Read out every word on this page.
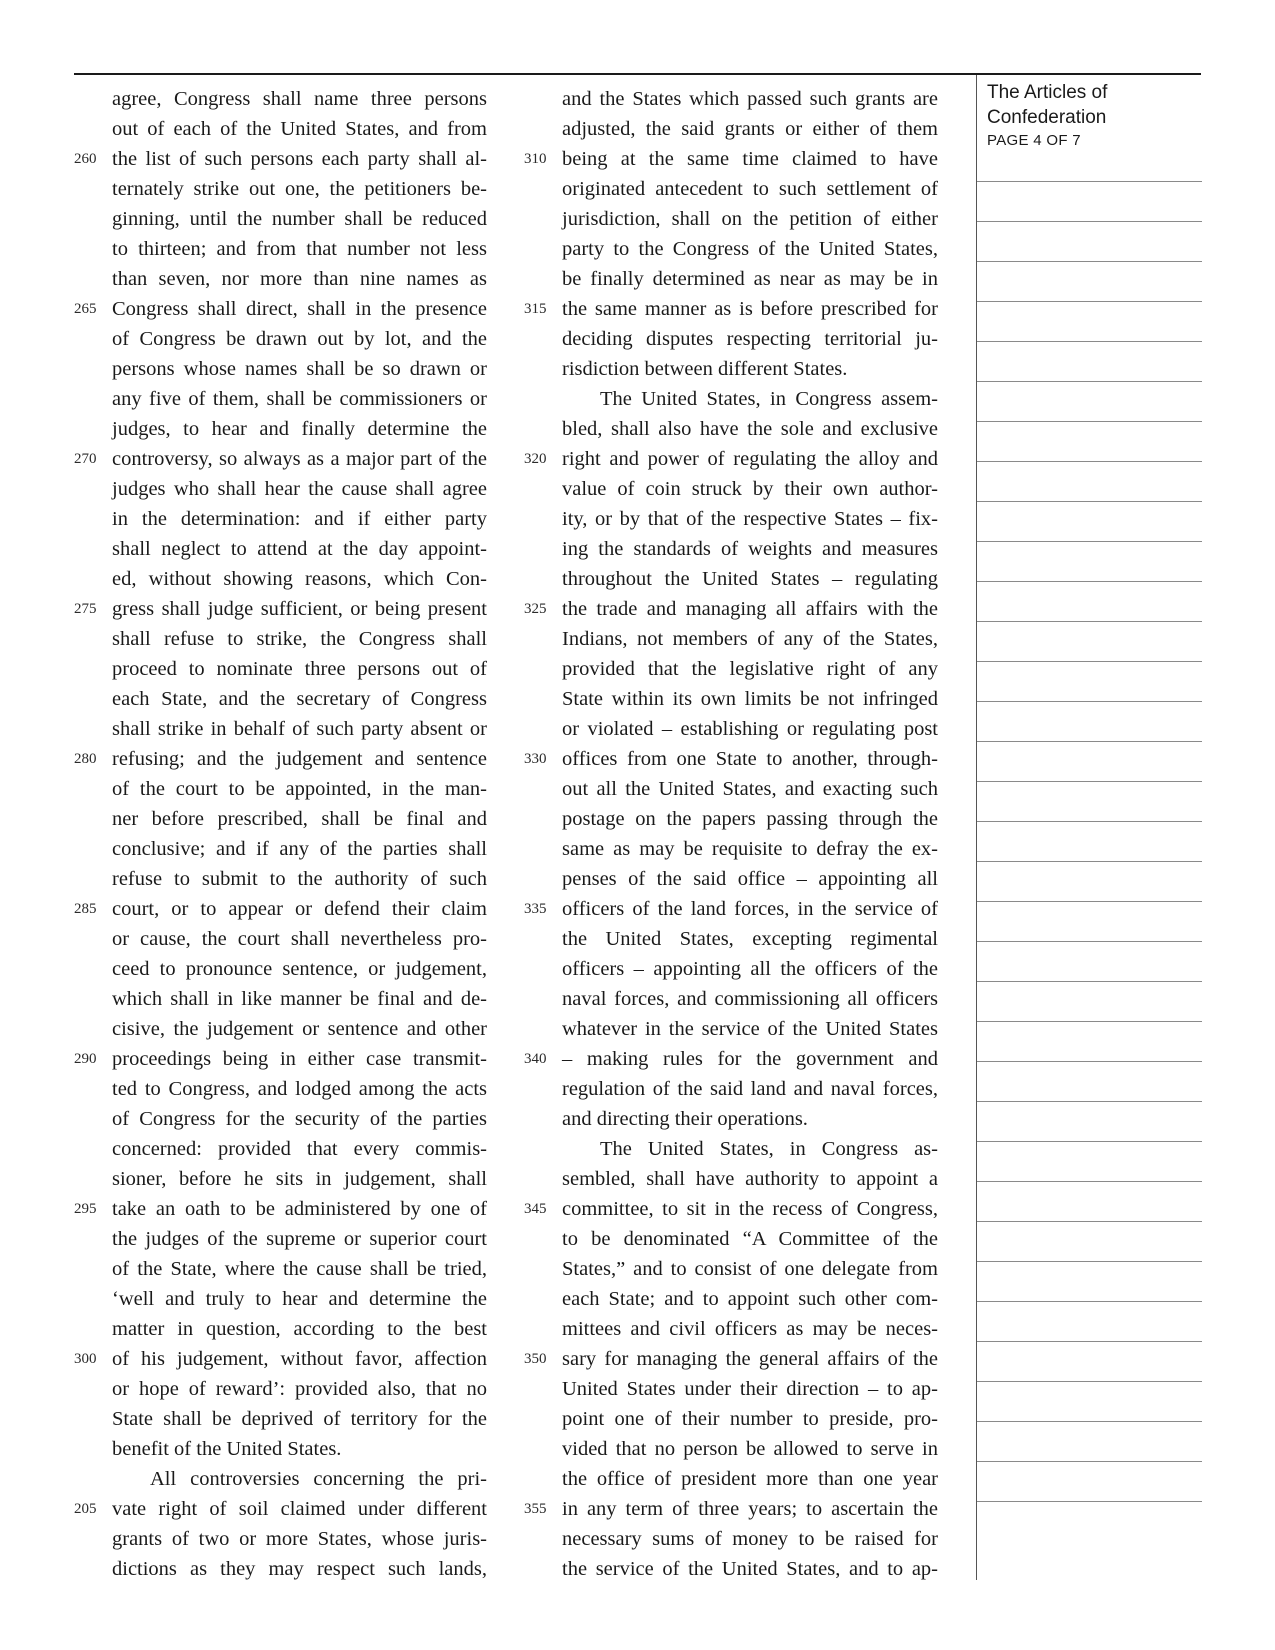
agree, Congress shall name three persons
out of each of the United States, and from
260 the list of such persons each party shall al-
ternately strike out one, the petitioners be-
ginning, until the number shall be reduced
to thirteen; and from that number not less
than seven, nor more than nine names as
265 Congress shall direct, shall in the presence
of Congress be drawn out by lot, and the
persons whose names shall be so drawn or
any five of them, shall be commissioners or
judges, to hear and finally determine the
270 controversy, so always as a major part of the
judges who shall hear the cause shall agree
in the determination: and if either party
shall neglect to attend at the day appoint-
ed, without showing reasons, which Con-
275 gress shall judge sufficient, or being present
shall refuse to strike, the Congress shall
proceed to nominate three persons out of
each State, and the secretary of Congress
shall strike in behalf of such party absent or
280 refusing; and the judgement and sentence
of the court to be appointed, in the man-
ner before prescribed, shall be final and
conclusive; and if any of the parties shall
refuse to submit to the authority of such
285 court, or to appear or defend their claim
or cause, the court shall nevertheless pro-
ceed to pronounce sentence, or judgement,
which shall in like manner be final and de-
cisive, the judgement or sentence and other
290 proceedings being in either case transmit-
ted to Congress, and lodged among the acts
of Congress for the security of the parties
concerned: provided that every commis-
sioner, before he sits in judgement, shall
295 take an oath to be administered by one of
the judges of the supreme or superior court
of the State, where the cause shall be tried,
‘well and truly to hear and determine the
matter in question, according to the best
300 of his judgement, without favor, affection
or hope of reward’: provided also, that no
State shall be deprived of territory for the
benefit of the United States.
All controversies concerning the pri-
205 vate right of soil claimed under different
grants of two or more States, whose juris-
dictions as they may respect such lands,
and the States which passed such grants are
adjusted, the said grants or either of them
310 being at the same time claimed to have
originated antecedent to such settlement of
jurisdiction, shall on the petition of either
party to the Congress of the United States,
be finally determined as near as may be in
315 the same manner as is before prescribed for
deciding disputes respecting territorial ju-
risdiction between different States.
The United States, in Congress assem-
bled, shall also have the sole and exclusive
320 right and power of regulating the alloy and
value of coin struck by their own author-
ity, or by that of the respective States – fix-
ing the standards of weights and measures
throughout the United States – regulating
325 the trade and managing all affairs with the
Indians, not members of any of the States,
provided that the legislative right of any
State within its own limits be not infringed
or violated – establishing or regulating post
330 offices from one State to another, through-
out all the United States, and exacting such
postage on the papers passing through the
same as may be requisite to defray the ex-
penses of the said office – appointing all
335 officers of the land forces, in the service of
the United States, excepting regimental
officers – appointing all the officers of the
naval forces, and commissioning all officers
whatever in the service of the United States
340 – making rules for the government and
regulation of the said land and naval forces,
and directing their operations.
The United States, in Congress as-
sembled, shall have authority to appoint a
345 committee, to sit in the recess of Congress,
to be denominated “A Committee of the
States,” and to consist of one delegate from
each State; and to appoint such other com-
mittees and civil officers as may be neces-
350 sary for managing the general affairs of the
United States under their direction – to ap-
point one of their number to preside, pro-
vided that no person be allowed to serve in
the office of president more than one year
355 in any term of three years; to ascertain the
necessary sums of money to be raised for
the service of the United States, and to ap-
The Articles of Confederation
PAGE 4 OF 7
